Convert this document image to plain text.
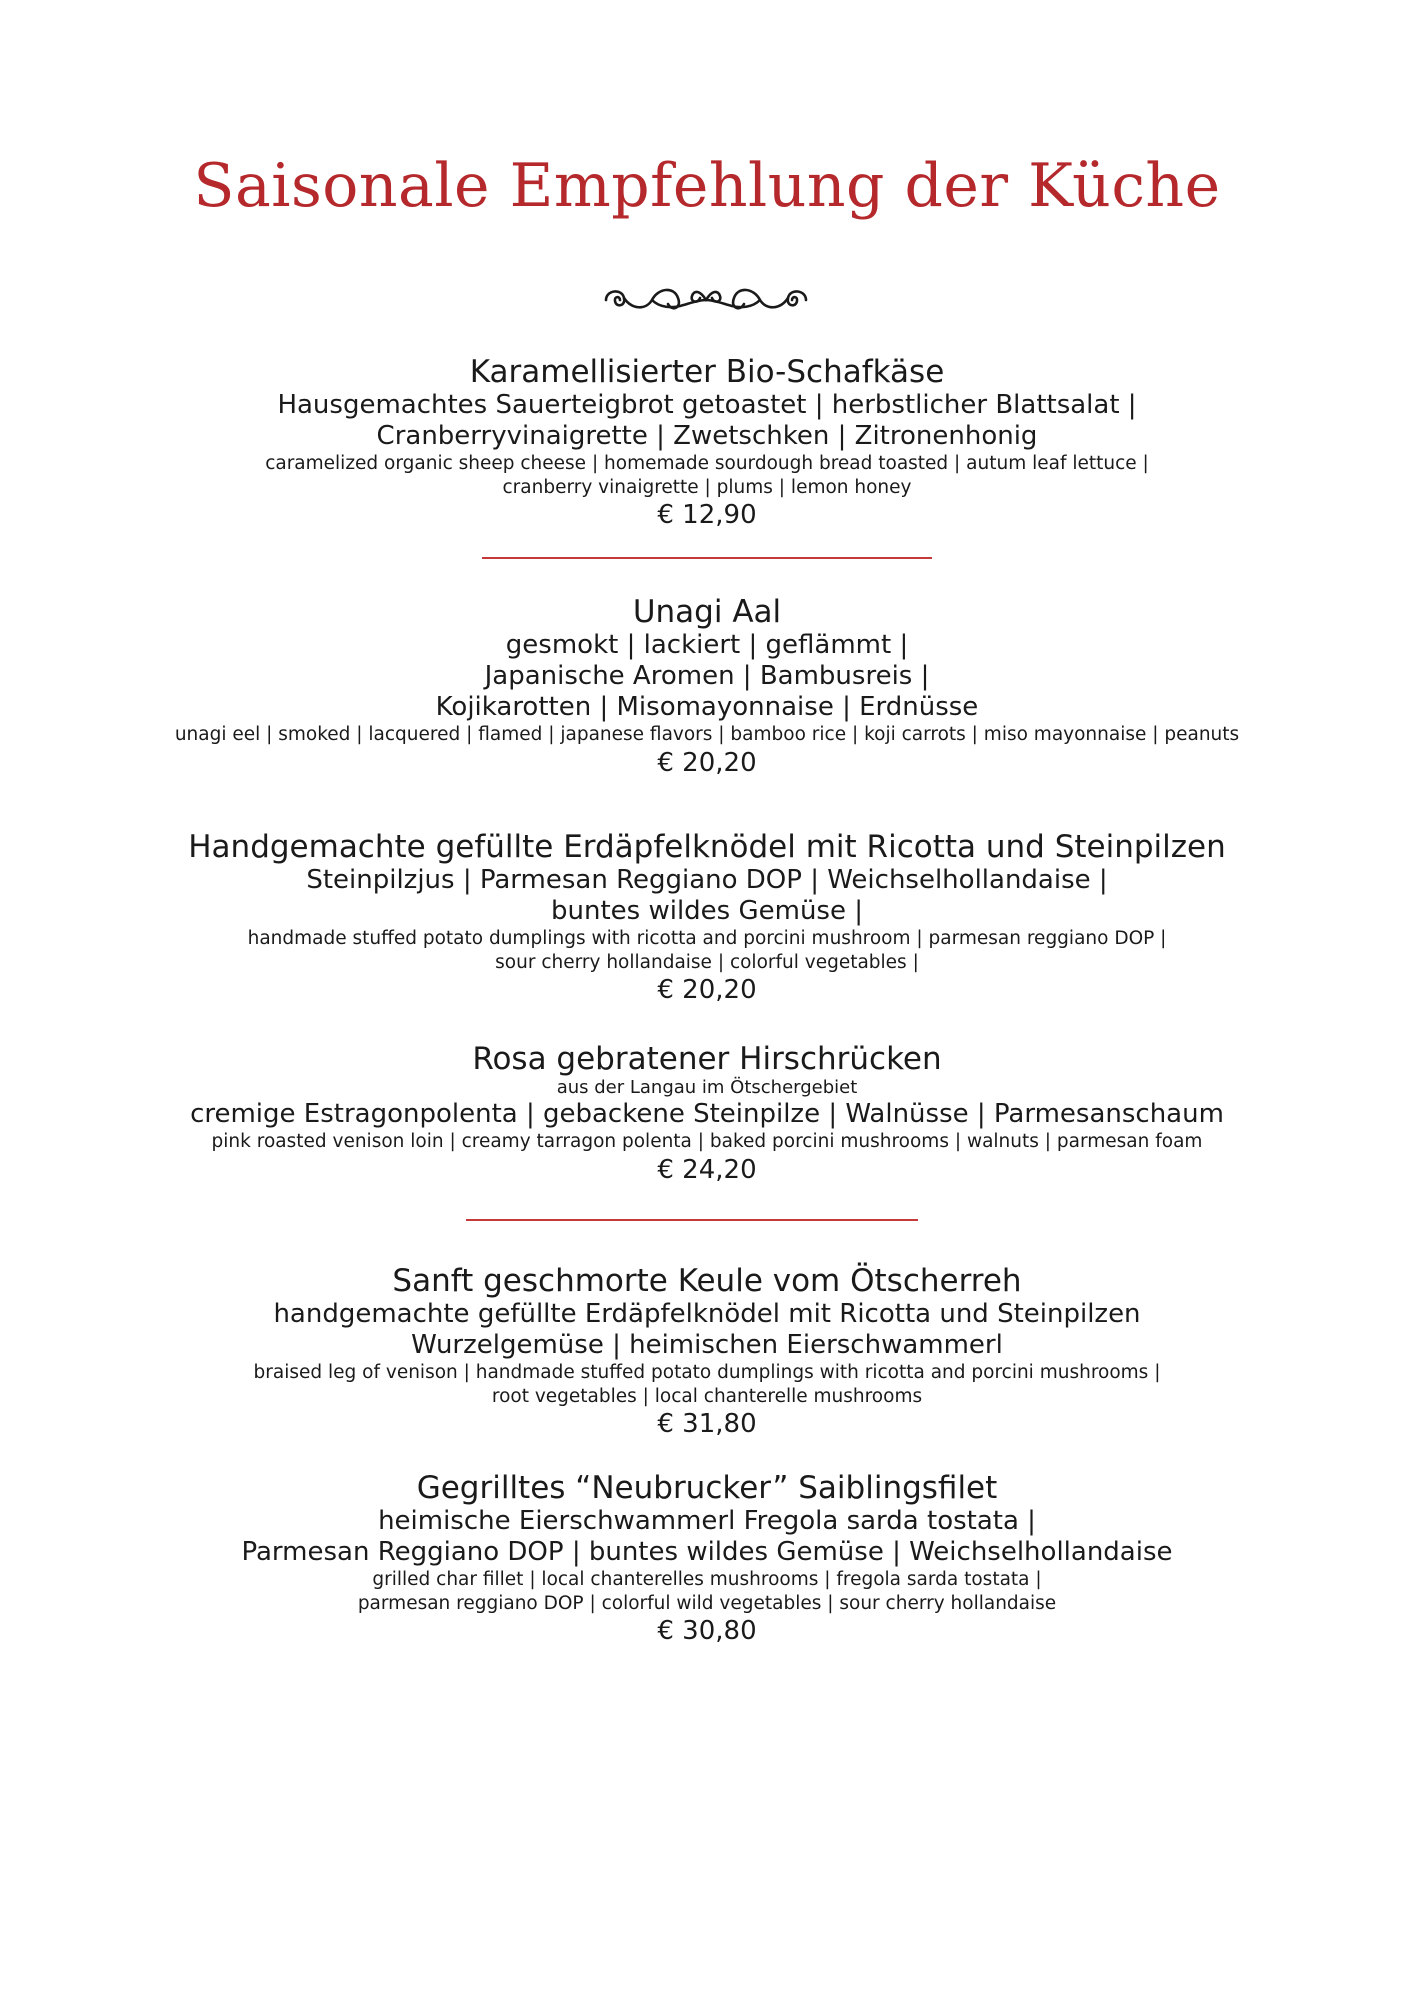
Saisonale Empfehlung der Küche
Karamellisierter Bio-Schafkäse
Hausgemachtes Sauerteigbrot getoastet | herbstlicher Blattsalat |
Cranberryvinaigrette | Zwetschken | Zitronenhonig
caramelized organic sheep cheese | homemade sourdough bread toasted | autum leaf lettuce |
cranberry vinaigrette | plums | lemon honey
€ 12,90
Unagi Aal
gesmokt | lackiert | geflämmt |
Japanische Aromen | Bambusreis |
Kojikarotten | Misomayonnaise | Erdnüsse
unagi eel | smoked | lacquered | flamed | japanese flavors | bamboo rice | koji carrots | miso mayonnaise | peanuts
€ 20,20
Handgemachte gefüllte Erdäpfelknödel mit Ricotta und Steinpilzen
Steinpilzjus | Parmesan Reggiano DOP | Weichselhollandaise |
buntes wildes Gemüse |
handmade stuffed potato dumplings with ricotta and porcini mushroom | parmesan reggiano DOP |
sour cherry hollandaise | colorful vegetables |
€ 20,20
Rosa gebratener Hirschrücken
aus der Langau im Ötschergebiet
cremige Estragonpolenta | gebackene Steinpilze | Walnüsse | Parmesanschaum
pink roasted venison loin | creamy tarragon polenta | baked porcini mushrooms | walnuts | parmesan foam
€ 24,20
Sanft geschmorte Keule vom Ötscherreh
handgemachte gefüllte Erdäpfelknödel mit Ricotta und Steinpilzen
Wurzelgemüse | heimischen Eierschwammerl
braised leg of venison | handmade stuffed potato dumplings with ricotta and porcini mushrooms |
root vegetables | local chanterelle mushrooms
€ 31,80
Gegrilltes “Neubrucker” Saiblingsfilet
heimische Eierschwammerl Fregola sarda tostata |
Parmesan Reggiano DOP | buntes wildes Gemüse | Weichselhollandaise
grilled char fillet | local chanterelles mushrooms | fregola sarda tostata |
parmesan reggiano DOP | colorful wild vegetables | sour cherry hollandaise
€ 30,80
